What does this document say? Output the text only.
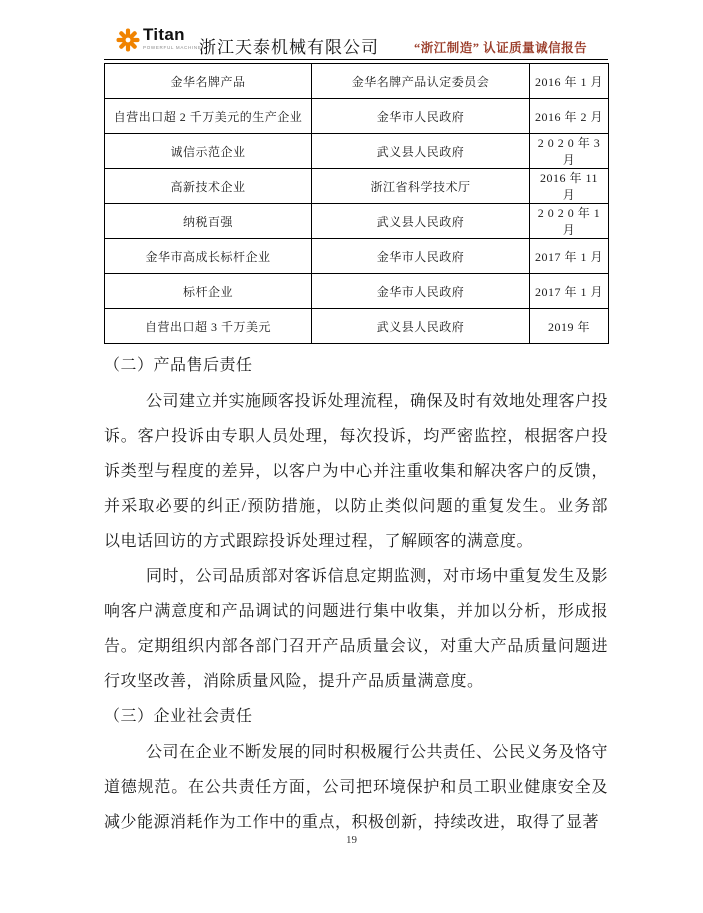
Titan
POWERFUL MACHINE
浙江天泰机械有限公司	“浙江制造” 认证质量诚信报告
金华名牌产品	金华名牌产品认定委员会	2016 年 1 月
自营出口超 2 千万美元的生产企业	金华市人民政府	2016 年 2 月
诚信示范企业	武义县人民政府	2 0 2 0 年 3 月
高新技术企业	浙江省科学技术厅	2016 年 11 月
纳税百强	武义县人民政府	2 0 2 0 年 1 月
金华市高成长标杆企业	金华市人民政府	2017 年 1 月
标杆企业	金华市人民政府	2017 年 1 月
自营出口超 3 千万美元	武义县人民政府	2019 年
（二）产品售后责任
公司建立并实施顾客投诉处理流程，确保及时有效地处理客户投
诉。客户投诉由专职人员处理，每次投诉，均严密监控，根据客户投
诉类型与程度的差异，以客户为中心并注重收集和解决客户的反馈，
并采取必要的纠正/预防措施，以防止类似问题的重复发生。业务部
以电话回访的方式跟踪投诉处理过程，了解顾客的满意度。
同时，公司品质部对客诉信息定期监测，对市场中重复发生及影
响客户满意度和产品调试的问题进行集中收集，并加以分析，形成报
告。定期组织内部各部门召开产品质量会议，对重大产品质量问题进
行攻坚改善，消除质量风险，提升产品质量满意度。
（三）企业社会责任
公司在企业不断发展的同时积极履行公共责任、公民义务及恪守
道德规范。在公共责任方面，公司把环境保护和员工职业健康安全及
减少能源消耗作为工作中的重点，积极创新，持续改进，取得了显著
19
